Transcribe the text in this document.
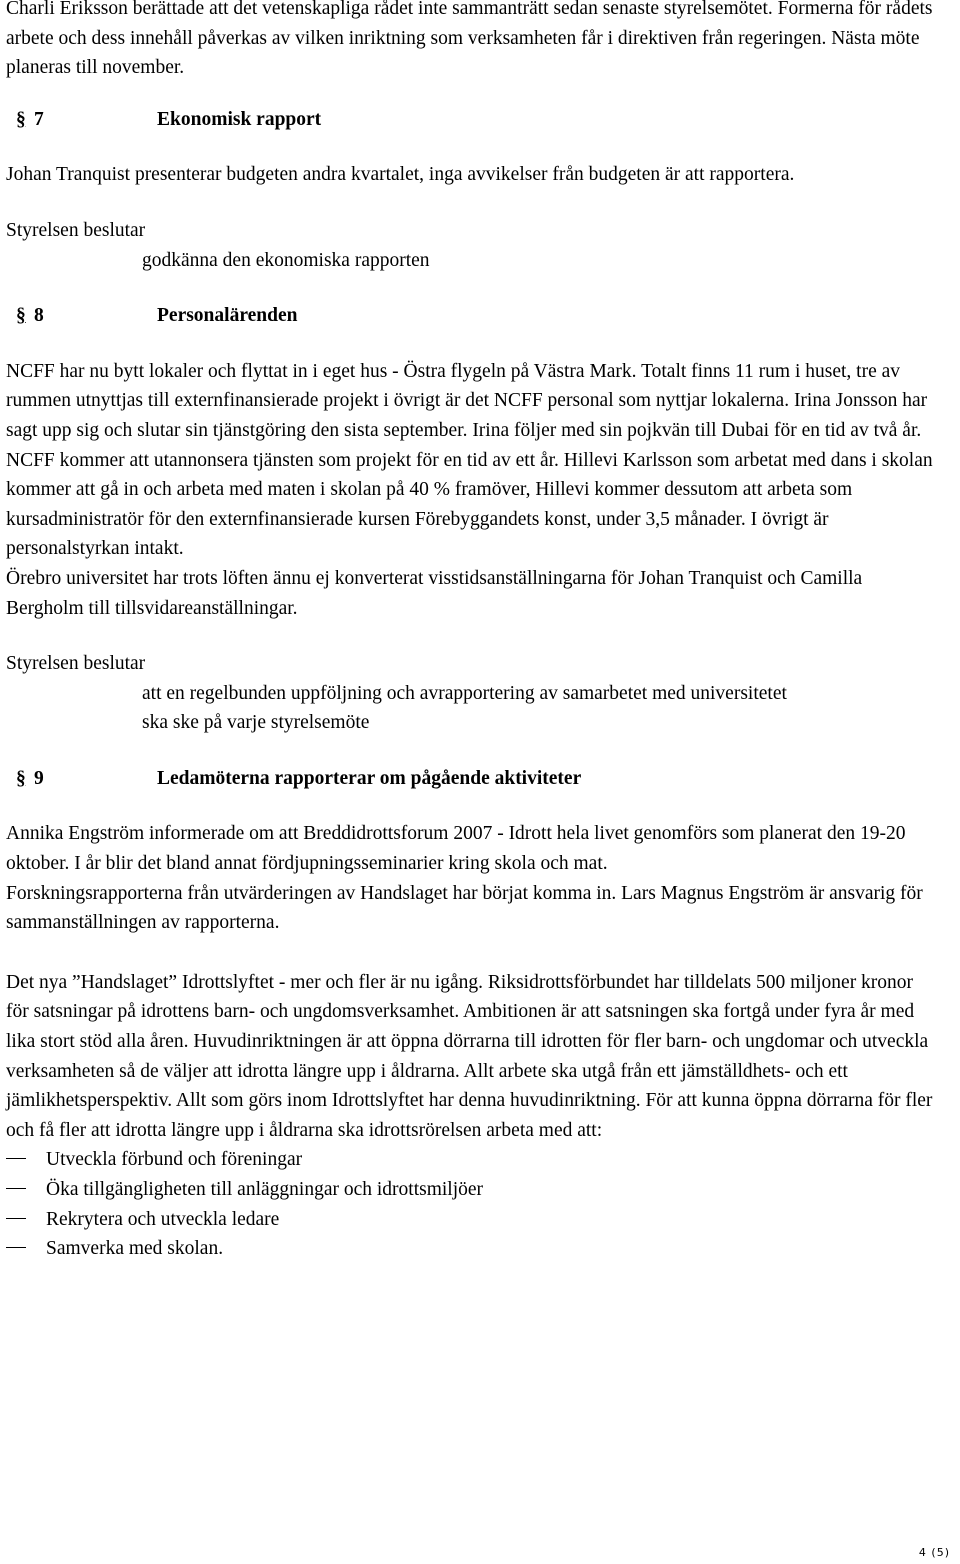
Charli Eriksson berättade att det vetenskapliga rådet inte sammanträtt sedan senaste styrelsemötet. Formerna för rådets arbete och dess innehåll påverkas av vilken inriktning som verksamheten får i direktiven från regeringen. Nästa möte planeras till november.

§ 7	Ekonomisk rapport

Johan Tranquist presenterar budgeten andra kvartalet, inga avvikelser från budgeten är att rapportera.

Styrelsen beslutar

godkänna den ekonomiska rapporten

§ 8	Personalärenden

NCFF har nu bytt lokaler och flyttat in i eget hus - Östra flygeln på Västra Mark. Totalt finns 11 rum i huset, tre av rummen utnyttjas till externfinansierade projekt i övrigt är det NCFF personal som nyttjar lokalerna. Irina Jonsson har sagt upp sig och slutar sin tjänstgöring den sista september. Irina följer med sin pojkvän till Dubai för en tid av två år. NCFF kommer att utannonsera tjänsten som projekt för en tid av ett år. Hillevi Karlsson som arbetat med dans i skolan kommer att gå in och arbeta med maten i skolan på 40 % framöver, Hillevi kommer dessutom att arbeta som kursadministratör för den externfinansierade kursen Förebyggandets konst, under 3,5 månader. I övrigt är personalstyrkan intakt.

Örebro universitet har trots löften ännu ej konverterat visstidsanställningarna för Johan Tranquist och Camilla Bergholm till tillsvidareanställningar.

Styrelsen beslutar

att en regelbunden uppföljning och avrapportering av samarbetet med universitetet ska ske på varje styrelsemöte

§ 9	Ledamöterna rapporterar om pågående aktiviteter

Annika Engström informerade om att Breddidrottsforum 2007 - Idrott hela livet genomförs som planerat den 19-20 oktober. I år blir det bland annat fördjupningsseminarier kring skola och mat.

Forskningsrapporterna från utvärderingen av Handslaget har börjat komma in. Lars Magnus Engström är ansvarig för sammanställningen av rapporterna.

Det nya ”Handslaget” Idrottslyftet - mer och fler är nu igång. Riksidrottsförbundet har tilldelats 500 miljoner kronor för satsningar på idrottens barn- och ungdomsverksamhet. Ambitionen är att satsningen ska fortgå under fyra år med lika stort stöd alla åren. Huvudinriktningen är att öppna dörrarna till idrotten för fler barn- och ungdomar och utveckla verksamheten så de väljer att idrotta längre upp i åldrarna. Allt arbete ska utgå från ett jämställdhets- och ett jämlikhetsperspektiv. Allt som görs inom Idrottslyftet har denna huvudinriktning. För att kunna öppna dörrarna för fler och få fler att idrotta längre upp i åldrarna ska idrottsrörelsen arbeta med att:

Utveckla förbund och föreningar
Öka tillgängligheten till anläggningar och idrottsmiljöer
Rekrytera och utveckla ledare
Samverka med skolan.
4 (5)
